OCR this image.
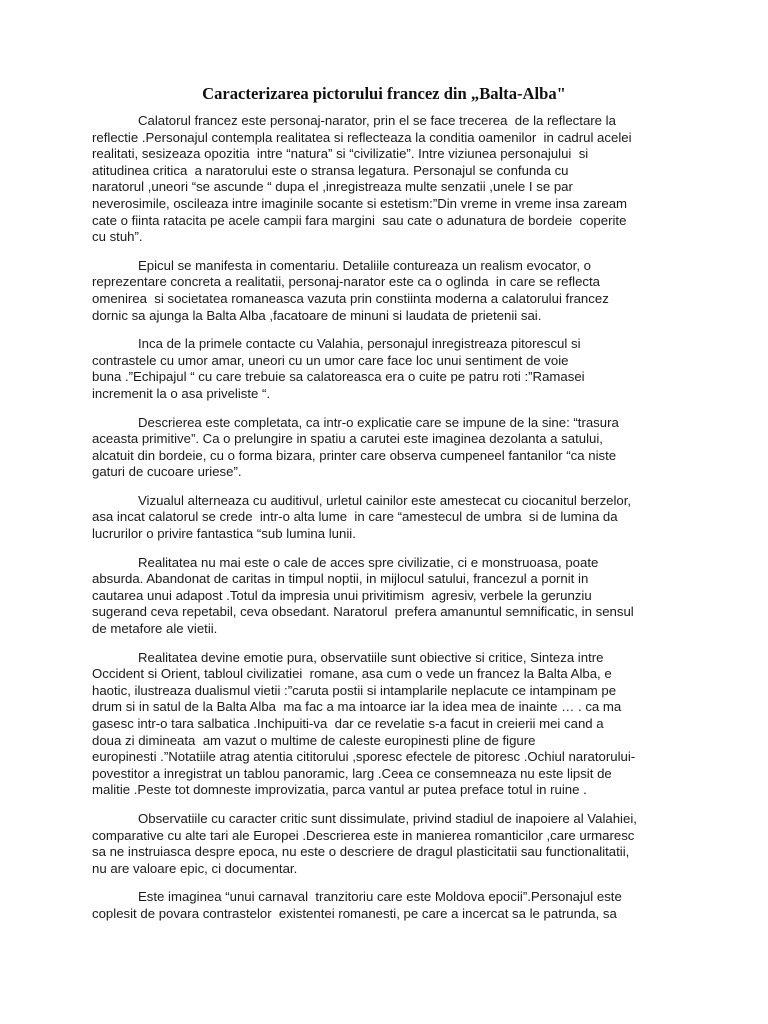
Caracterizarea pictorului francez din „Balta-Alba"
Calatorul francez este personaj-narator, prin el se face trecerea  de la reflectare la
reflectie .Personajul contempla realitatea si reflecteaza la conditia oamenilor  in cadrul acelei
realitati, sesizeaza opozitia  intre “natura” si “civilizatie”. Intre viziunea personajului  si
atitudinea critica  a naratorului este o stransa legatura. Personajul se confunda cu
naratorul ,uneori “se ascunde “ dupa el ,inregistreaza multe senzatii ,unele I se par
neverosimile, oscileaza intre imaginile socante si estetism:”Din vreme in vreme insa zaream
cate o fiinta ratacita pe acele campii fara margini  sau cate o adunatura de bordeie  coperite
cu stuh”.
Epicul se manifesta in comentariu. Detaliile contureaza un realism evocator, o
reprezentare concreta a realitatii, personaj-narator este ca o oglinda  in care se reflecta
omenirea  si societatea romaneasca vazuta prin constiinta moderna a calatorului francez
dornic sa ajunga la Balta Alba ,facatoare de minuni si laudata de prietenii sai.
Inca de la primele contacte cu Valahia, personajul inregistreaza pitorescul si
contrastele cu umor amar, uneori cu un umor care face loc unui sentiment de voie
buna .”Echipajul “ cu care trebuie sa calatoreasca era o cuite pe patru roti :”Ramasei
incremenit la o asa priveliste “.
Descrierea este completata, ca intr-o explicatie care se impune de la sine: “trasura
aceasta primitive”. Ca o prelungire in spatiu a carutei este imaginea dezolanta a satului,
alcatuit din bordeie, cu o forma bizara, printer care observa cumpeneel fantanilor “ca niste
gaturi de cucoare uriese”.
Vizualul alterneaza cu auditivul, urletul cainilor este amestecat cu ciocanitul berzelor,
asa incat calatorul se crede  intr-o alta lume  in care “amestecul de umbra  si de lumina da
lucrurilor o privire fantastica “sub lumina lunii.
Realitatea nu mai este o cale de acces spre civilizatie, ci e monstruoasa, poate
absurda. Abandonat de caritas in timpul noptii, in mijlocul satului, francezul a pornit in
cautarea unui adapost .Totul da impresia unui privitimism  agresiv, verbele la gerunziu
sugerand ceva repetabil, ceva obsedant. Naratorul  prefera amanuntul semnificatic, in sensul
de metafore ale vietii.
Realitatea devine emotie pura, observatiile sunt obiective si critice, Sinteza intre
Occident si Orient, tabloul civilizatiei  romane, asa cum o vede un francez la Balta Alba, e
haotic, ilustreaza dualismul vietii :”caruta postii si intamplarile neplacute ce intampinam pe
drum si in satul de la Balta Alba  ma fac a ma intoarce iar la idea mea de inainte … . ca ma
gasesc intr-o tara salbatica .Inchipuiti-va  dar ce revelatie s-a facut in creierii mei cand a
doua zi dimineata  am vazut o multime de caleste europinesti pline de figure
europinesti .”Notatiile atrag atentia cititorului ,sporesc efectele de pitoresc .Ochiul naratorului-
povestitor a inregistrat un tablou panoramic, larg .Ceea ce consemneaza nu este lipsit de
malitie .Peste tot domneste improvizatia, parca vantul ar putea preface totul in ruine .
Observatiile cu caracter critic sunt dissimulate, privind stadiul de inapoiere al Valahiei,
comparative cu alte tari ale Europei .Descrierea este in manierea romanticilor ,care urmaresc
sa ne instruiasca despre epoca, nu este o descriere de dragul plasticitatii sau functionalitatii,
nu are valoare epic, ci documentar.
Este imaginea “unui carnaval  tranzitoriu care este Moldova epocii”.Personajul este
coplesit de povara contrastelor  existentei romanesti, pe care a incercat sa le patrunda, sa
